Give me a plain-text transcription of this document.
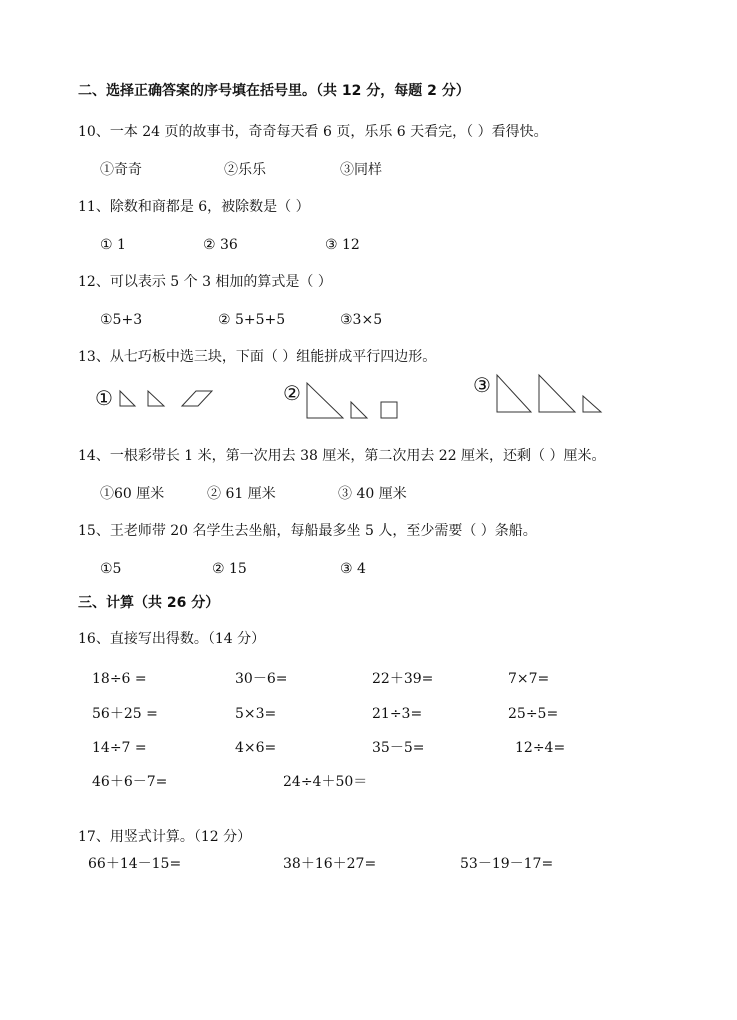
二、选择正确答案的序号填在括号里。（共 12 分，每题 2 分）
10、一本 24 页的故事书，奇奇每天看 6 页，乐乐 6 天看完，（ ）看得快。
①奇奇	②乐乐	③同样
11、除数和商都是 6，被除数是（ ）
① 1	② 36	③ 12
12、可以表示 5 个 3 相加的算式是（ ）
①5+3	② 5+5+5	③3×5
13、从七巧板中选三块，下面（ ）组能拼成平行四边形。
①	②	③
14、一根彩带长 1 米，第一次用去 38 厘米，第二次用去 22 厘米，还剩（ ）厘米。
①60 厘米	② 61 厘米	③ 40 厘米
15、王老师带 20 名学生去坐船，每船最多坐 5 人，至少需要（ ）条船。
①5	② 15	③ 4
三、计算（共 26 分）
16、直接写出得数。（14 分）
18÷6 =	30－6=	22＋39=	7×7=
56＋25 =	5×3=	21÷3=	25÷5=
14÷7 =	4×6=	35－5=	12÷4=
46＋6－7=	24÷4＋50＝
17、用竖式计算。（12 分）
66＋14－15=	38＋16＋27=	53－19－17=
